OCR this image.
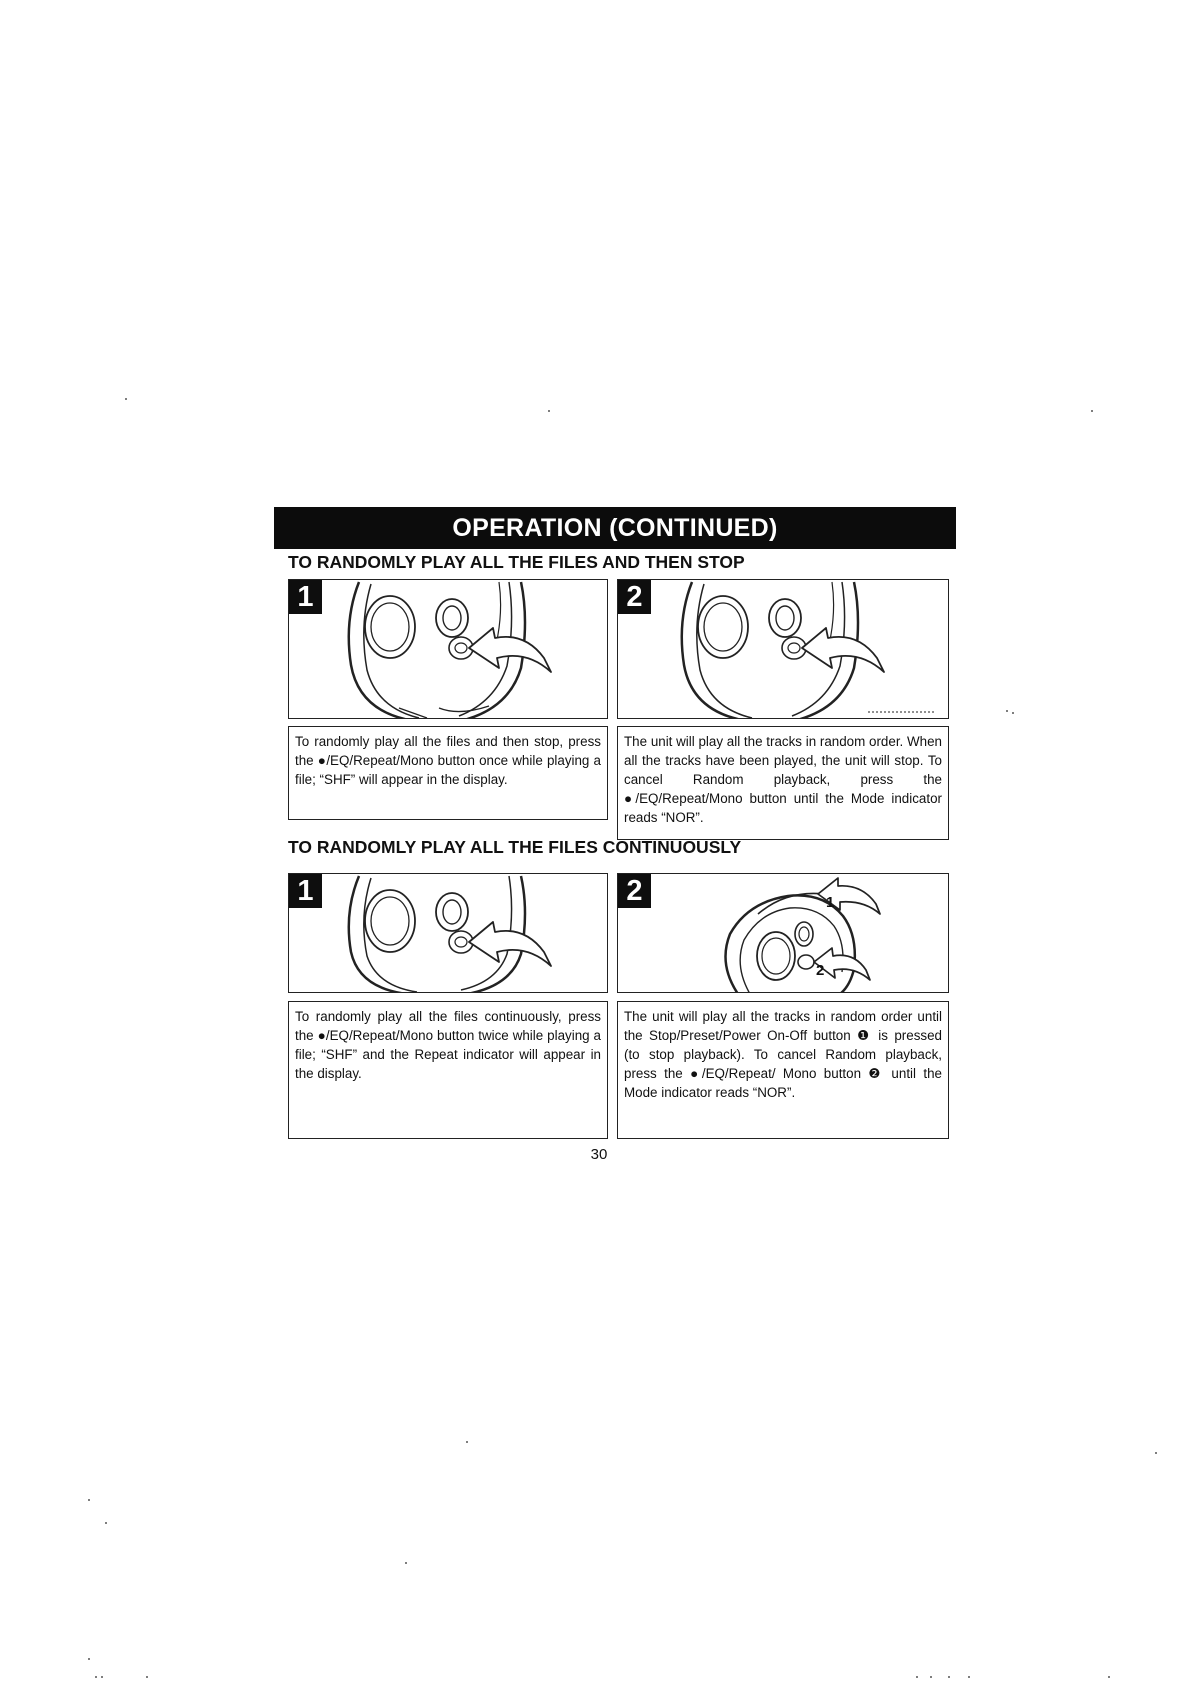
OPERATION (CONTINUED)
TO RANDOMLY PLAY ALL THE FILES AND THEN STOP
1	2
To randomly play all the files and then stop, press the ●/EQ/Repeat/Mono button once while playing a file; “SHF” will appear in the display.
The unit will play all the tracks in random order. When all the tracks have been played, the unit will stop. To cancel Random playback, press the ●/EQ/Repeat/Mono button until the Mode indicator reads “NOR”.
TO RANDOMLY PLAY ALL THE FILES CONTINUOUSLY
1	1
2
2
To randomly play all the files continuously, press the ●/EQ/Repeat/Mono button twice while playing a file; “SHF” and the Repeat indicator will appear in the display.
The unit will play all the tracks in random order until the Stop/Preset/Power On-Off button ❶ is pressed (to stop playback). To cancel Random playback, press the ●/EQ/Repeat/ Mono button ❷ until the Mode indicator reads “NOR”.
30
